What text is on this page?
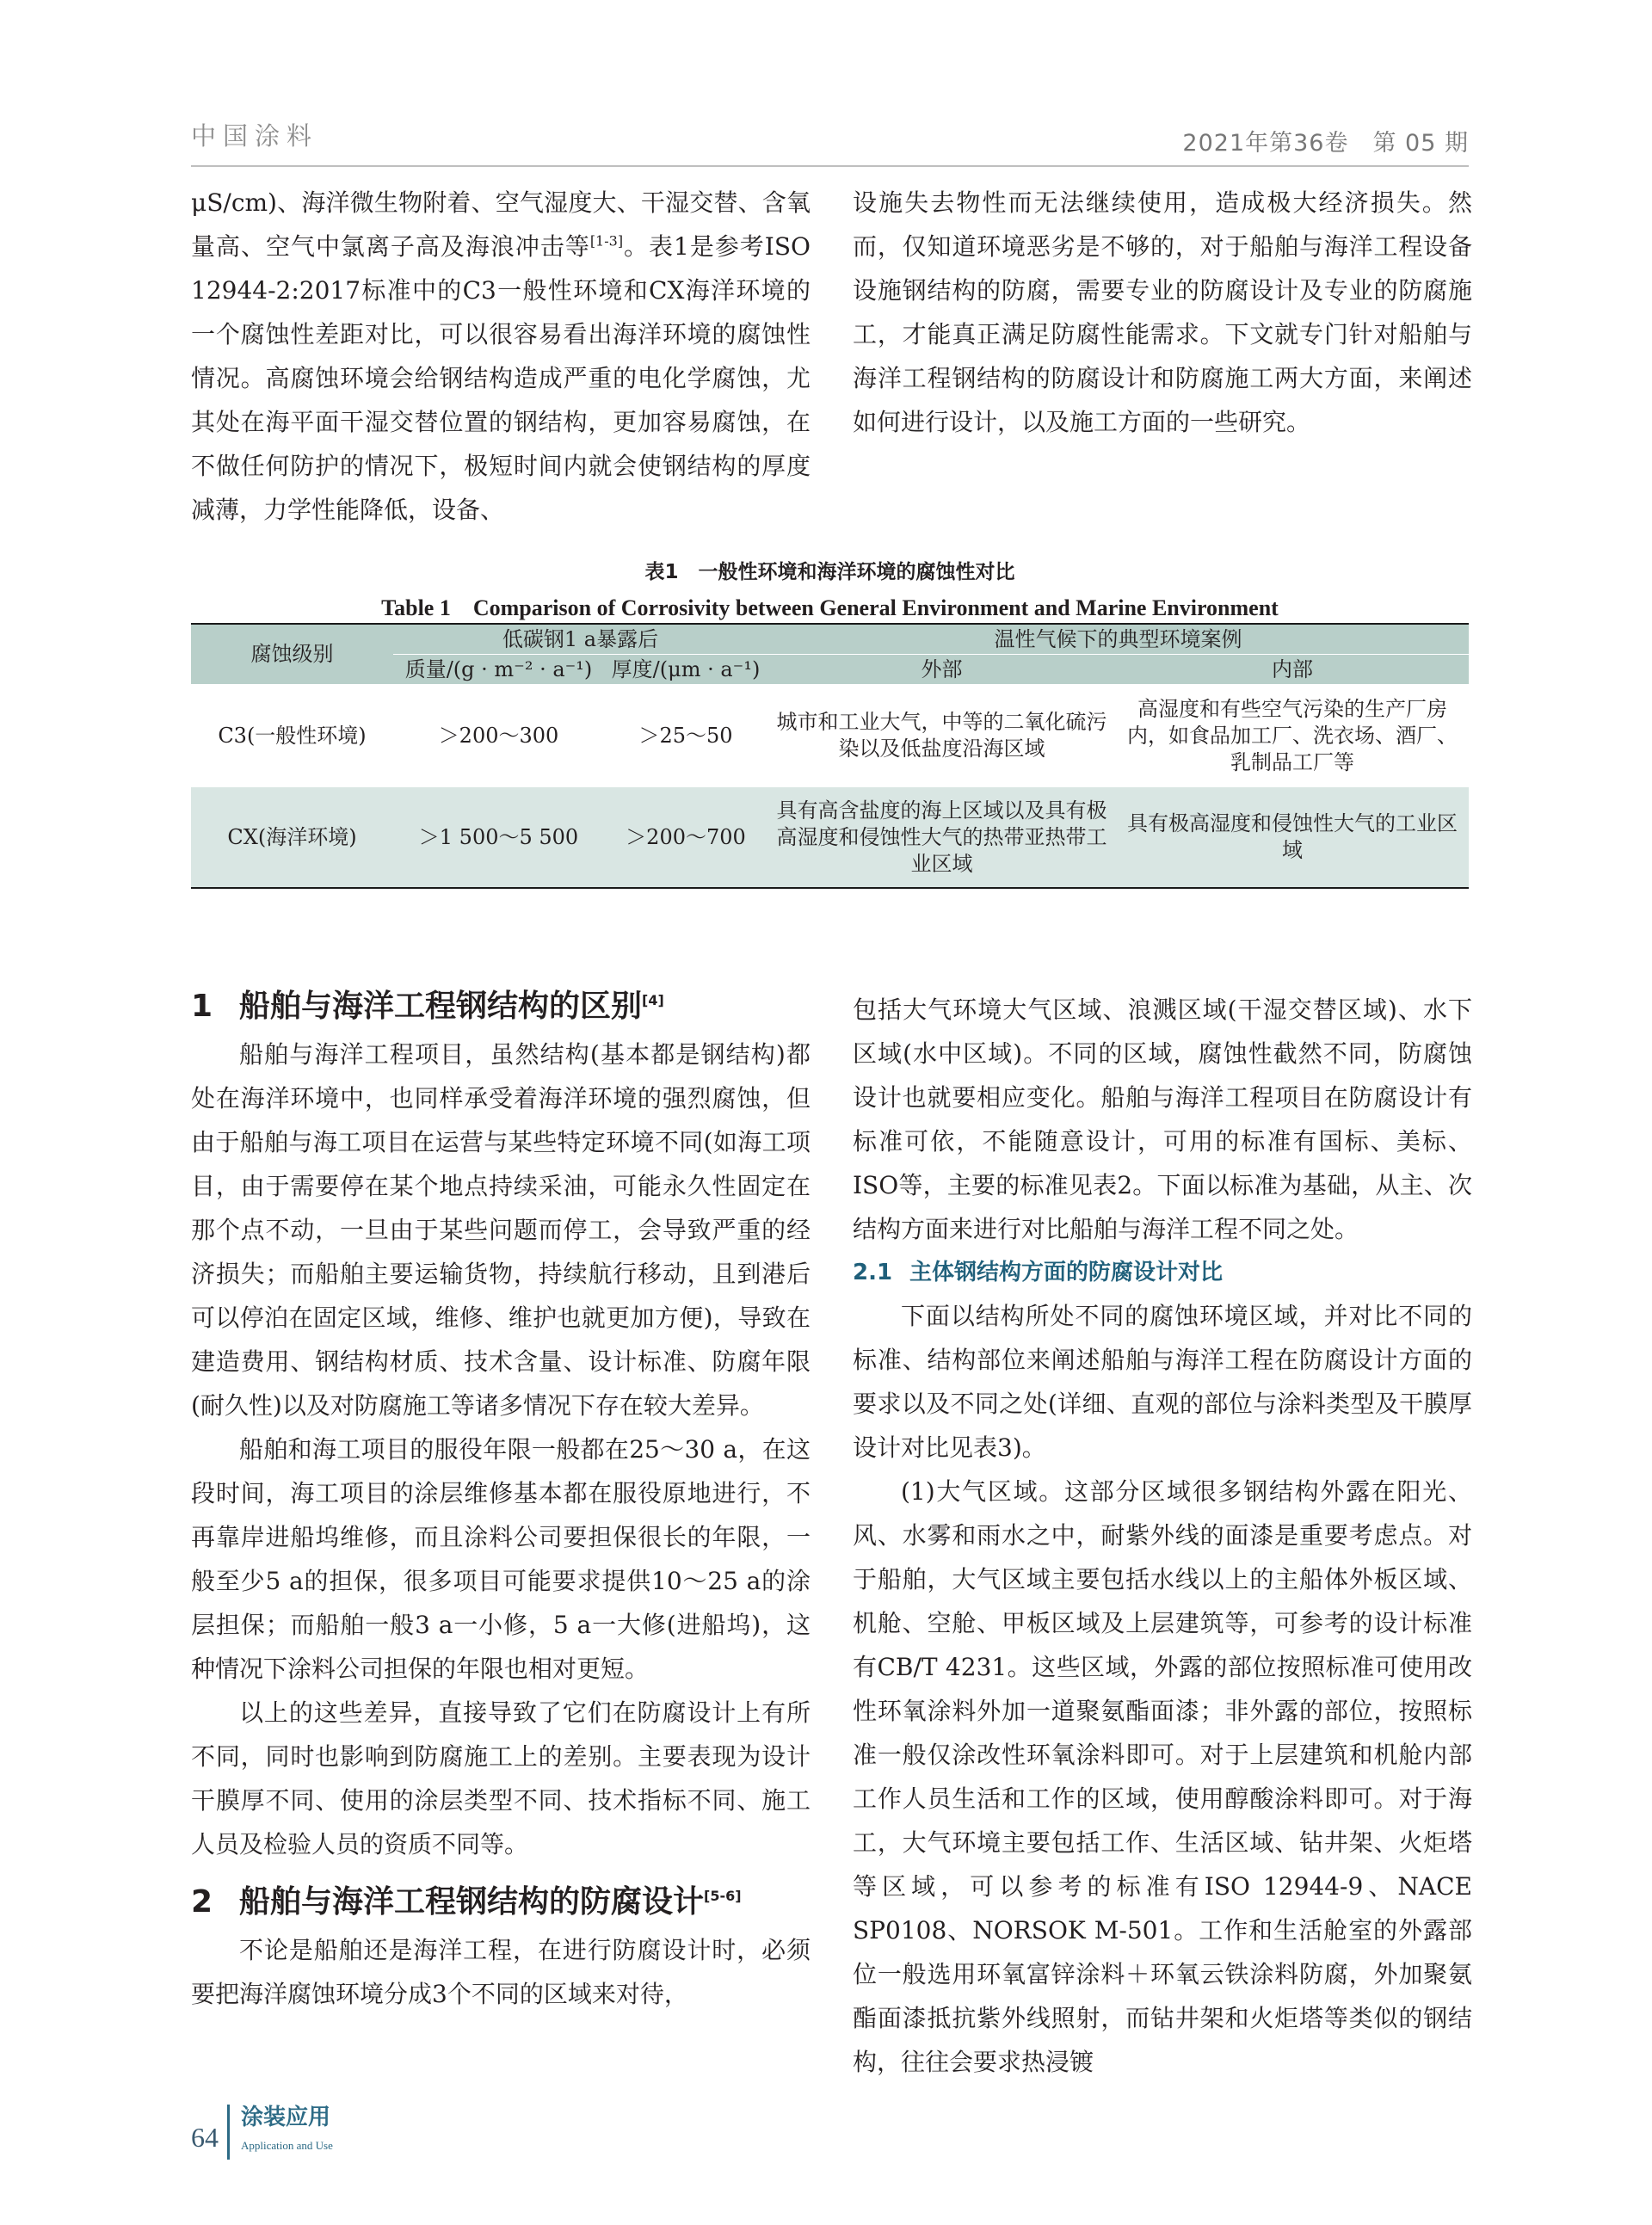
中国涂料	2021年第36卷　第 05 期

μS/cm)、海洋微生物附着、空气湿度大、干湿交替、含氧量高、空气中氯离子高及海浪冲击等[1-3]。表1是参考ISO 12944-2:2017标准中的C3一般性环境和CX海洋环境的一个腐蚀性差距对比，可以很容易看出海洋环境的腐蚀性情况。高腐蚀环境会给钢结构造成严重的电化学腐蚀，尤其处在海平面干湿交替位置的钢结构，更加容易腐蚀，在不做任何防护的情况下，极短时间内就会使钢结构的厚度减薄，力学性能降低，设备、

设施失去物性而无法继续使用，造成极大经济损失。然而，仅知道环境恶劣是不够的，对于船舶与海洋工程设备设施钢结构的防腐，需要专业的防腐设计及专业的防腐施工，才能真正满足防腐性能需求。下文就专门针对船舶与海洋工程钢结构的防腐设计和防腐施工两大方面，来阐述如何进行设计，以及施工方面的一些研究。

表1　一般性环境和海洋环境的腐蚀性对比
Table 1　Comparison of Corrosivity between General Environment and Marine Environment
腐蚀级别	低碳钢1 a暴露后		温性气候下的典型环境案例	
	质量/(g · m⁻² · a⁻¹)	厚度/(μm · a⁻¹)	外部	内部
C3(一般性环境)	＞200～300	＞25～50	城市和工业大气，中等的二氧化硫污染以及低盐度沿海区域	高湿度和有些空气污染的生产厂房内，如食品加工厂、洗衣场、酒厂、乳制品工厂等
CX(海洋环境)	＞1 500～5 500	＞200～700	具有高含盐度的海上区域以及具有极高湿度和侵蚀性大气的热带亚热带工业区域	具有极高湿度和侵蚀性大气的工业区域
1 船舶与海洋工程钢结构的区别[4]

船舶与海洋工程项目，虽然结构(基本都是钢结构)都处在海洋环境中，也同样承受着海洋环境的强烈腐蚀，但由于船舶与海工项目在运营与某些特定环境不同(如海工项目，由于需要停在某个地点持续采油，可能永久性固定在那个点不动，一旦由于某些问题而停工，会导致严重的经济损失；而船舶主要运输货物，持续航行移动，且到港后可以停泊在固定区域，维修、维护也就更加方便)，导致在建造费用、钢结构材质、技术含量、设计标准、防腐年限(耐久性)以及对防腐施工等诸多情况下存在较大差异。

船舶和海工项目的服役年限一般都在25～30 a，在这段时间，海工项目的涂层维修基本都在服役原地进行，不再靠岸进船坞维修，而且涂料公司要担保很长的年限，一般至少5 a的担保，很多项目可能要求提供10～25 a的涂层担保；而船舶一般3 a一小修，5 a一大修(进船坞)，这种情况下涂料公司担保的年限也相对更短。

以上的这些差异，直接导致了它们在防腐设计上有所不同，同时也影响到防腐施工上的差别。主要表现为设计干膜厚不同、使用的涂层类型不同、技术指标不同、施工人员及检验人员的资质不同等。

2 船舶与海洋工程钢结构的防腐设计[5-6]

不论是船舶还是海洋工程，在进行防腐设计时，必须要把海洋腐蚀环境分成3个不同的区域来对待，

包括大气环境大气区域、浪溅区域(干湿交替区域)、水下区域(水中区域)。不同的区域，腐蚀性截然不同，防腐蚀设计也就要相应变化。船舶与海洋工程项目在防腐设计有标准可依，不能随意设计，可用的标准有国标、美标、ISO等，主要的标准见表2。下面以标准为基础，从主、次结构方面来进行对比船舶与海洋工程不同之处。

2.1 主体钢结构方面的防腐设计对比

下面以结构所处不同的腐蚀环境区域，并对比不同的标准、结构部位来阐述船舶与海洋工程在防腐设计方面的要求以及不同之处(详细、直观的部位与涂料类型及干膜厚设计对比见表3)。

(1)大气区域。这部分区域很多钢结构外露在阳光、风、水雾和雨水之中，耐紫外线的面漆是重要考虑点。对于船舶，大气区域主要包括水线以上的主船体外板区域、机舱、空舱、甲板区域及上层建筑等，可参考的设计标准有CB/T 4231。这些区域，外露的部位按照标准可使用改性环氧涂料外加一道聚氨酯面漆；非外露的部位，按照标准一般仅涂改性环氧涂料即可。对于上层建筑和机舱内部工作人员生活和工作的区域，使用醇酸涂料即可。对于海工，大气环境主要包括工作、生活区域、钻井架、火炬塔等区域，可以参考的标准有ISO 12944-9、NACE SP0108、NORSOK M-501。工作和生活舱室的外露部位一般选用环氧富锌涂料＋环氧云铁涂料防腐，外加聚氨酯面漆抵抗紫外线照射，而钻井架和火炬塔等类似的钢结构，往往会要求热浸镀

64
涂装应用
Application and Use
